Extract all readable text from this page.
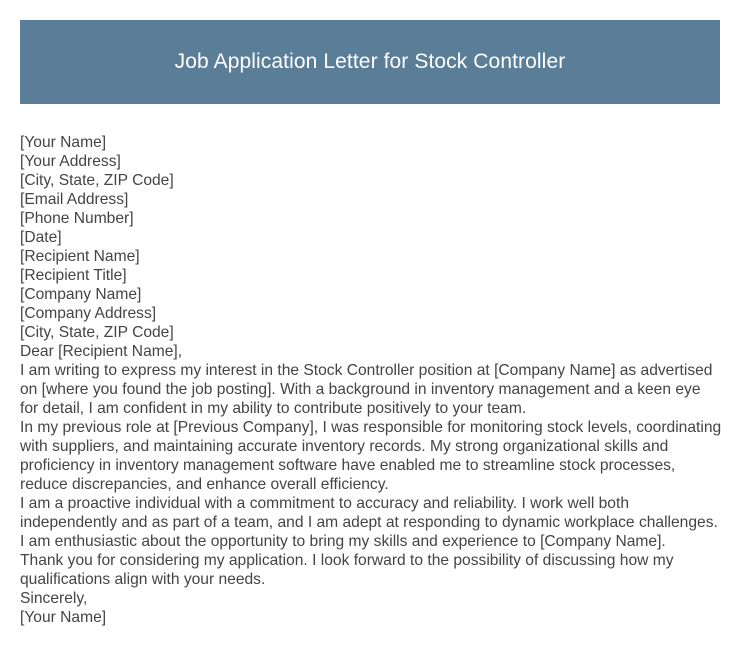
Job Application Letter for Stock Controller

[Your Name]

[Your Address]

[City, State, ZIP Code]

[Email Address]

[Phone Number]

[Date]

[Recipient Name]

[Recipient Title]

[Company Name]

[Company Address]

[City, State, ZIP Code]

Dear [Recipient Name],

I am writing to express my interest in the Stock Controller position at [Company Name] as advertised on [where you found the job posting]. With a background in inventory management and a keen eye for detail, I am confident in my ability to contribute positively to your team.

In my previous role at [Previous Company], I was responsible for monitoring stock levels, coordinating with suppliers, and maintaining accurate inventory records. My strong organizational skills and proficiency in inventory management software have enabled me to streamline stock processes, reduce discrepancies, and enhance overall efficiency.

I am a proactive individual with a commitment to accuracy and reliability. I work well both independently and as part of a team, and I am adept at responding to dynamic workplace challenges. I am enthusiastic about the opportunity to bring my skills and experience to [Company Name].

Thank you for considering my application. I look forward to the possibility of discussing how my qualifications align with your needs.

Sincerely,

[Your Name]
